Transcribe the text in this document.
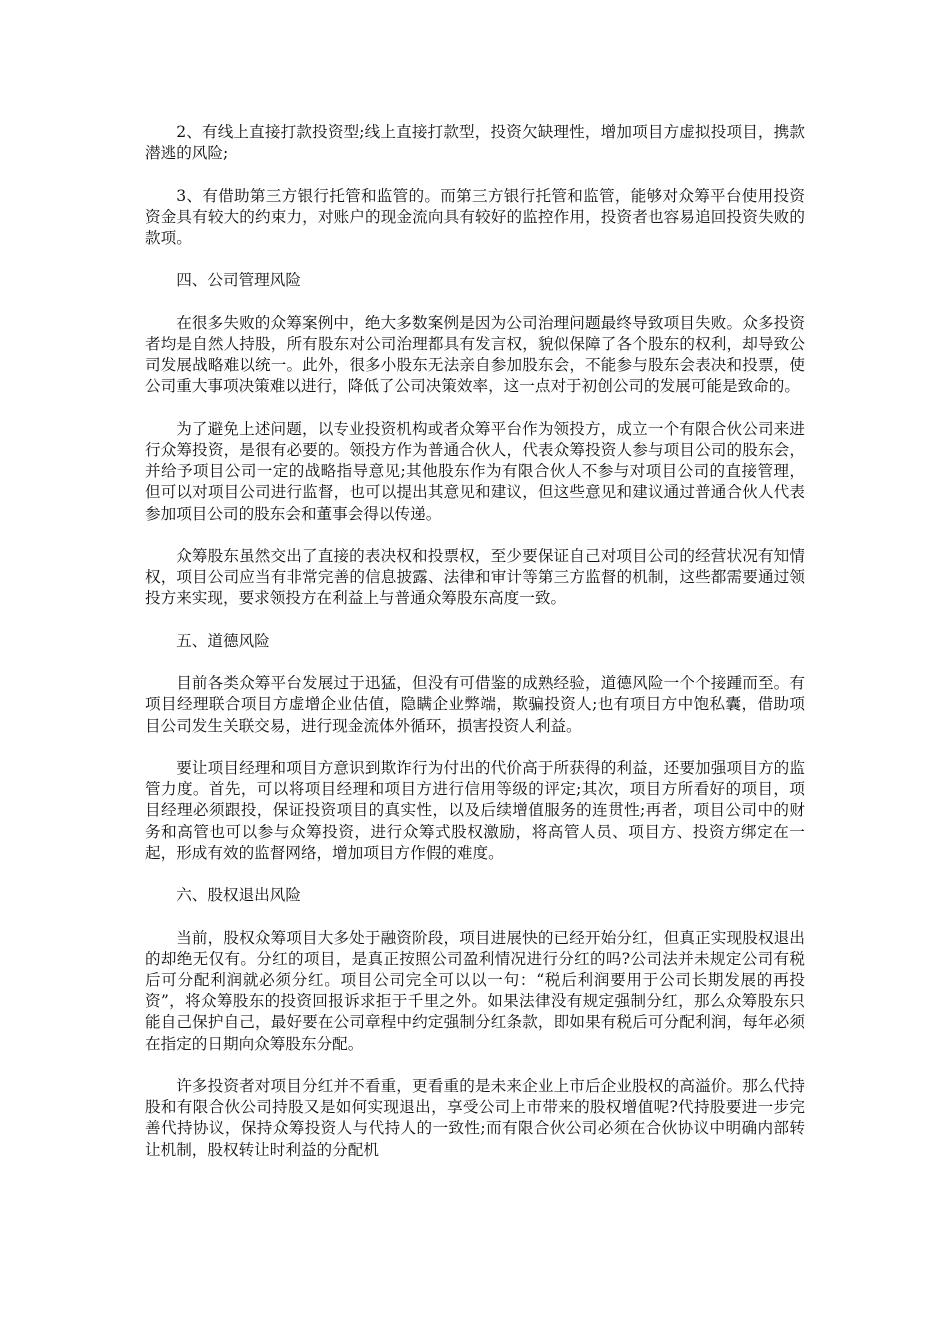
2、有线上直接打款投资型;线上直接打款型，投资欠缺理性，增加项目方虚拟投项目，携款潜逃的风险;

3、有借助第三方银行托管和监管的。而第三方银行托管和监管，能够对众筹平台使用投资资金具有较大的约束力，对账户的现金流向具有较好的监控作用，投资者也容易追回投资失败的款项。

四、公司管理风险

在很多失败的众筹案例中，绝大多数案例是因为公司治理问题最终导致项目失败。众多投资者均是自然人持股，所有股东对公司治理都具有发言权，貌似保障了各个股东的权利，却导致公司发展战略难以统一。此外，很多小股东无法亲自参加股东会，不能参与股东会表决和投票，使公司重大事项决策难以进行，降低了公司决策效率，这一点对于初创公司的发展可能是致命的。

为了避免上述问题，以专业投资机构或者众筹平台作为领投方，成立一个有限合伙公司来进行众筹投资，是很有必要的。领投方作为普通合伙人，代表众筹投资人参与项目公司的股东会，并给予项目公司一定的战略指导意见;其他股东作为有限合伙人不参与对项目公司的直接管理，但可以对项目公司进行监督，也可以提出其意见和建议，但这些意见和建议通过普通合伙人代表参加项目公司的股东会和董事会得以传递。

众筹股东虽然交出了直接的表决权和投票权，至少要保证自己对项目公司的经营状况有知情权，项目公司应当有非常完善的信息披露、法律和审计等第三方监督的机制，这些都需要通过领投方来实现，要求领投方在利益上与普通众筹股东高度一致。

五、道德风险

目前各类众筹平台发展过于迅猛，但没有可借鉴的成熟经验，道德风险一个个接踵而至。有项目经理联合项目方虚增企业估值，隐瞒企业弊端，欺骗投资人;也有项目方中饱私囊，借助项目公司发生关联交易，进行现金流体外循环，损害投资人利益。

要让项目经理和项目方意识到欺诈行为付出的代价高于所获得的利益，还要加强项目方的监管力度。首先，可以将项目经理和项目方进行信用等级的评定;其次，项目方所看好的项目，项目经理必须跟投，保证投资项目的真实性，以及后续增值服务的连贯性;再者，项目公司中的财务和高管也可以参与众筹投资，进行众筹式股权激励，将高管人员、项目方、投资方绑定在一起，形成有效的监督网络，增加项目方作假的难度。

六、股权退出风险

当前，股权众筹项目大多处于融资阶段，项目进展快的已经开始分红，但真正实现股权退出的却绝无仅有。分红的项目，是真正按照公司盈利情况进行分红的吗?公司法并未规定公司有税后可分配利润就必须分红。项目公司完全可以以一句：“税后利润要用于公司长期发展的再投资”，将众筹股东的投资回报诉求拒于千里之外。如果法律没有规定强制分红，那么众筹股东只能自己保护自己，最好要在公司章程中约定强制分红条款，即如果有税后可分配利润，每年必须在指定的日期向众筹股东分配。

许多投资者对项目分红并不看重，更看重的是未来企业上市后企业股权的高溢价。那么代持股和有限合伙公司持股又是如何实现退出，享受公司上市带来的股权增值呢?代持股要进一步完善代持协议，保持众筹投资人与代持人的一致性;而有限合伙公司必须在合伙协议中明确内部转让机制，股权转让时利益的分配机
